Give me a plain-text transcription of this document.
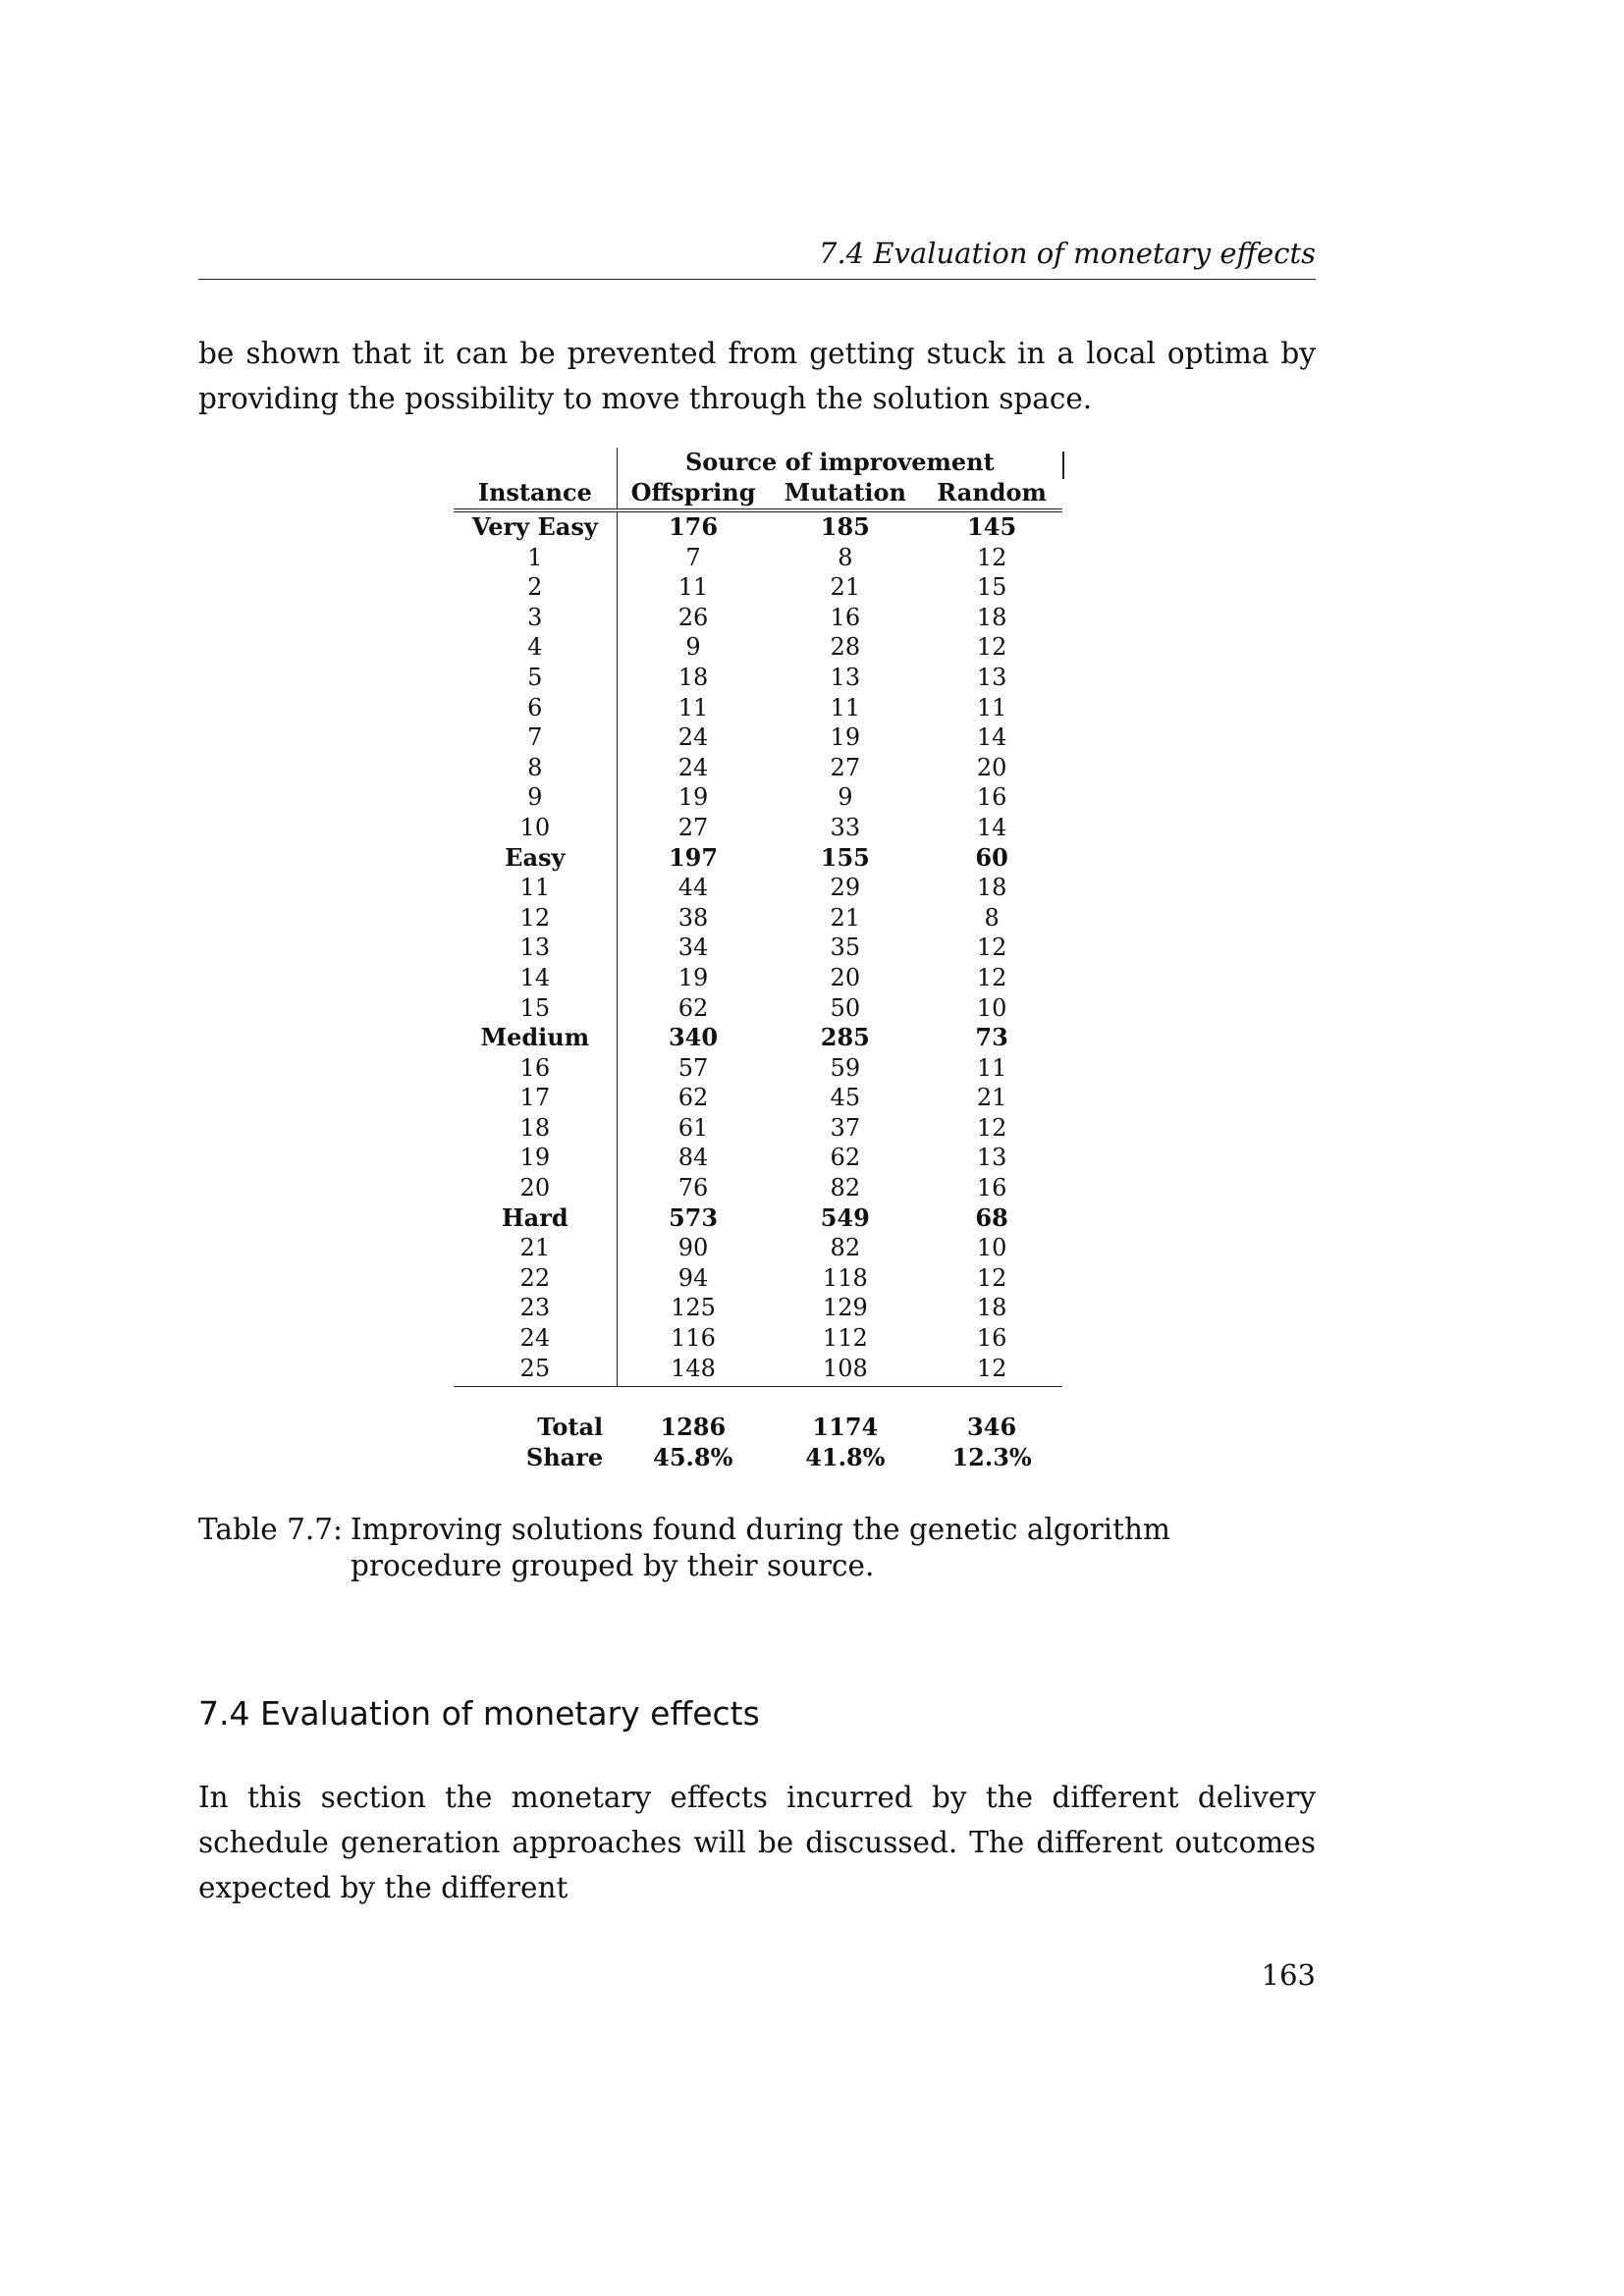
7.4 Evaluation of monetary effects

be shown that it can be prevented from getting stuck in a local optima by providing the possibility to move through the solution space.

	Source of improvement		
Instance	Offspring	Mutation	Random
Very Easy	176	185	145
1	7	8	12
2	11	21	15
3	26	16	18
4	9	28	12
5	18	13	13
6	11	11	11
7	24	19	14
8	24	27	20
9	19	9	16
10	27	33	14
Easy	197	155	60
11	44	29	18
12	38	21	8
13	34	35	12
14	19	20	12
15	62	50	10
Medium	340	285	73
16	57	59	11
17	62	45	21
18	61	37	12
19	84	62	13
20	76	82	16
Hard	573	549	68
21	90	82	10
22	94	118	12
23	125	129	18
24	116	112	16
25	148	108	12

Total	1286	1174	346
Share	45.8%	41.8%	12.3%
Table 7.7: Improving solutions found during the genetic algorithm procedure grouped by their source.
7.4 Evaluation of monetary effects

In this section the monetary effects incurred by the different delivery schedule generation approaches will be discussed. The different outcomes expected by the different

163
